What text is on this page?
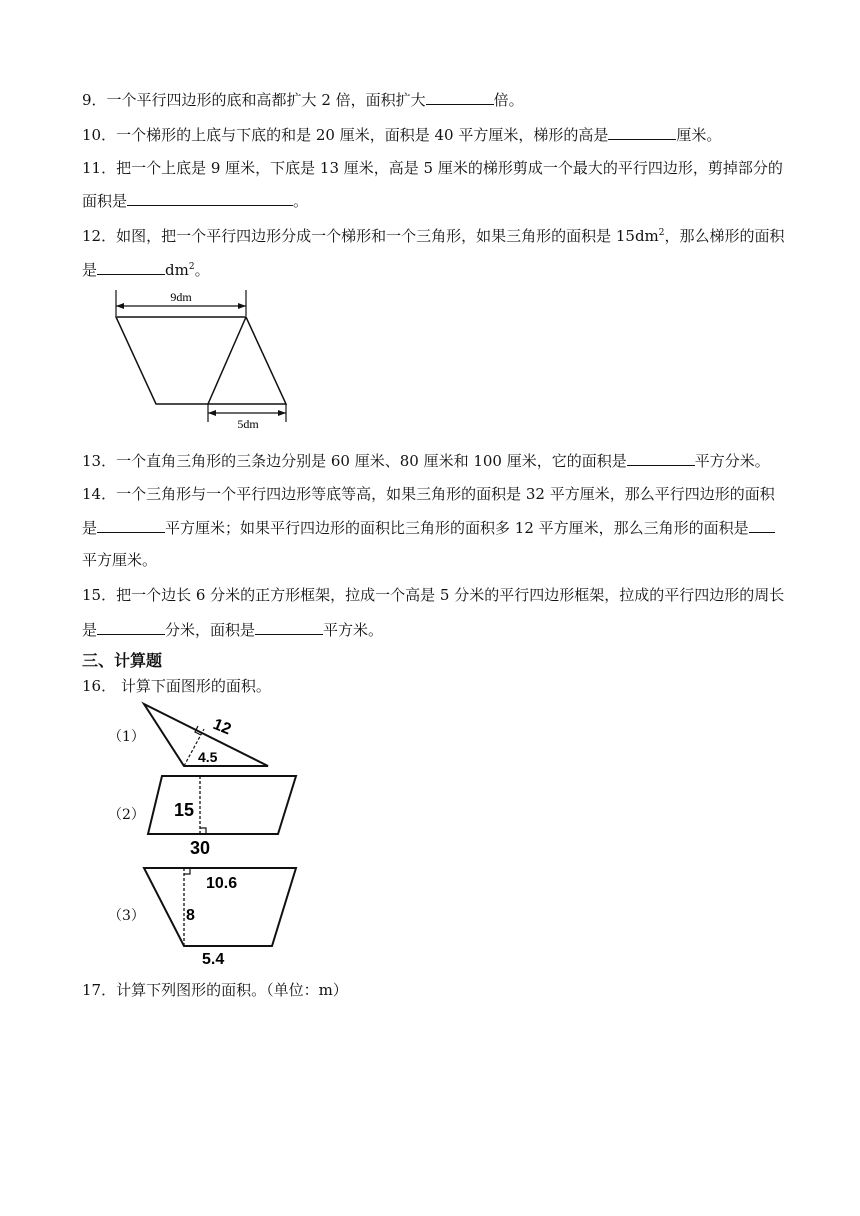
9．一个平行四边形的底和高都扩大 2 倍，面积扩大	倍。
10．一个梯形的上底与下底的和是 20 厘米，面积是 40 平方厘米，梯形的高是	厘米。
11．把一个上底是 9 厘米，下底是 13 厘米，高是 5 厘米的梯形剪成一个最大的平行四边形，剪掉部分的
面积是	。
12．如图，把一个平行四边形分成一个梯形和一个三角形，如果三角形的面积是 $15dm^2$，那么梯形的面积
是	$dm^2$。
9dm
5dm
13．一个直角三角形的三条边分别是 60 厘米、80 厘米和 100 厘米，它的面积是	平方分米。
14．一个三角形与一个平行四边形等底等高，如果三角形的面积是 32 平方厘米，那么平行四边形的面积
是	平方厘米；如果平行四边形的面积比三角形的面积多 12 平方厘米，那么三角形的面积是
平方厘米。
15．把一个边长 6 分米的正方形框架，拉成一个高是 5 分米的平行四边形框架，拉成的平行四边形的周长
是	分米，面积是	平方米。
三、计算题
16． 计算下面图形的面积。
（1）	12
4.5
（2） 15
30
（3）
10.6
8
5.4
17．计算下列图形的面积。（单位：m）
